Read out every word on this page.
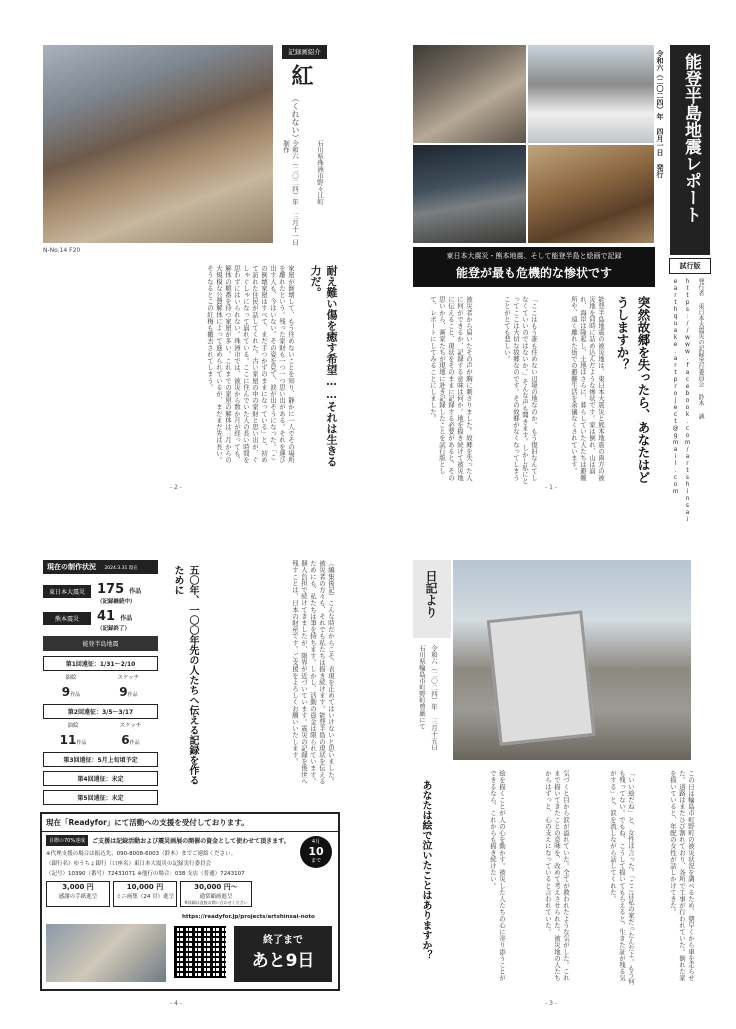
N-No.14 F20
記録画紹介
紅
（くれない）
令和六（二〇二四）年 三月十一日 制作	石川県珠洲市野々江町
耐え難い傷を癒す希望……それは生きる力だ。
家屋が倒壊して、もう住めないことを知り、静かに一人でその場所を離れたという。残った家財も一つ一つ思い出がある。それを運び出す人も、今はいない。その姿を見て、涙が出そうになった。「この倒壊家屋はすべて、まだ手つかずのままになっている」と、初めて訪れた住民が話してくれた。古い家屋の中の家財と思い出が、ぐしゃぐしゃになって崩れている。ここに住んでいた人の長い時間を思わずにはいられない。珠洲市では、被災から数か月が経っても、解体の順番を待つ家屋が多い。これまでの家屋の解体は三月からの大規模な公費解体によって進められているが、まだまだ先は長い。そうなるとこの紅梅も撤去されてしまう。
- 2 -
能登半島地震レポート
令和六（二〇二四）年 四月一日 発行
試行版
発行者 東日本大震災の記録実行委員会 鈴木 誠
https://www.facebook.com/artshinsai
earthquake.artproject@gmail.com
東日本大震災・熊本地震、そして能登半島と絵画で記録
能登が最も危機的な惨状です
突然故郷を失ったら、あなたはどうしますか？
能登半島地震の被災地は、東日本大震災と熊本地震の両方の被災地を同時に詰め込んだような惨状です。家は倒れ、山は崩れ、海岸は隆起し、土地はさらに、暮らしていた人たちは避難所や、遠く離れた街での避難生活を余儀なくされています。
「ここはもう誰も住めない辺境の地なのか。もう復旧なんてしなくていいのではないか。」そんな声も聞きます。しかし私にとってここは大切な故郷なのです。その故郷がなくなってしまうことがとても悲しい。
被災者から届いたその声が胸に刺さりました。故郷を失った人に何ができるか、記録する意味は何か。地を描き続けて被災地に伝えること、現状をそのままに記録する必要があると、その思いから、画家たちが現地に赴き記録したことを試行版として、レポートにしてみることにしました。
- 1 -
現在の制作状況 2024.3.31 現在
東日本大震災 175 作品
（記録継続中）
熊本震災	41 作品
（記録終了）
能登半島地震
第1回遠征：1/31〜2/10
油絵
9作品
スケッチ
9作品
第2回遠征：3/5〜3/17
油絵
11作品
スケッチ
6作品
第3回遠征：5月上旬頃予定
第4回遠征：未定
第5回遠征：未定
五〇年、一〇〇年先の人たちへ伝える記録を作るために	（編集後記）こんな時だからこそ、表現を止めてはいけないと思いました。被災者の方々も、それでも私たちは描き続けます。能登半島の現状を伝えるためにも、私たちは筆を持ちます。しかし、活動の資金は限られています。個人負担で続けてきましたが、限界が近づいています。震災の記録を後世へ残すことは、日本の財産です。ご支援をよろしくお願いいたします。
現在「Readyfor」にて活動への支援を受付しております。
目標の70%達成	ご支援は記録活動および震災画展の開催の資金として使わせて頂きます。
※代理支援の場合は振込先、090-8008-6003（鈴木）までご連絡ください。
（銀行名）ゆうちょ銀行（口座名）東日本大震災の記録実行委員会
（記号）10390（番号）72431071 ※他行の場合：038 支店（普通）7243107
3,000 円
感謝の手紙進呈
10,000 円
ミニ画集（24 頁）進呈
30,000 円〜
通常縮画進呈
※詳細は直接お問い合わせください
https://readyfor.jp/projects/artshinsai-noto
終了まで
あと9日
4月
10
まで
- 4 -
日記より
令和六（二〇二四）年 三月十五日
石川県輪島市町野町曽厳にて
この日は輪島市町野町の被災状況を調べるため、朝早くから車を走らせた。道路はまだひび割れており、各所で工事が行われていた。倒れた家を描いていると、年配の女性が話しかけてきた。
「いい絵だね」と、女性は言った。「ここは私の家だったんだよ。もう何も残ってない。でもね、こうして描いてもらえると、生きた証が残る気がする」と、涙を流しながら話してくれた。
気づくと目から涙が溢れていた。全てが救われたような気がした。これまで描いてきたことの意味を、改めて考えさせられた。被災地の人たちからはずっと、心の支えになっていると言われていた。
絵を描くことが人の心を動かす。被災した人たちの心に寄り添うことができるなら、これからも描き続けたい。
あなたは絵で泣いたことはありますか？
- 3 -
